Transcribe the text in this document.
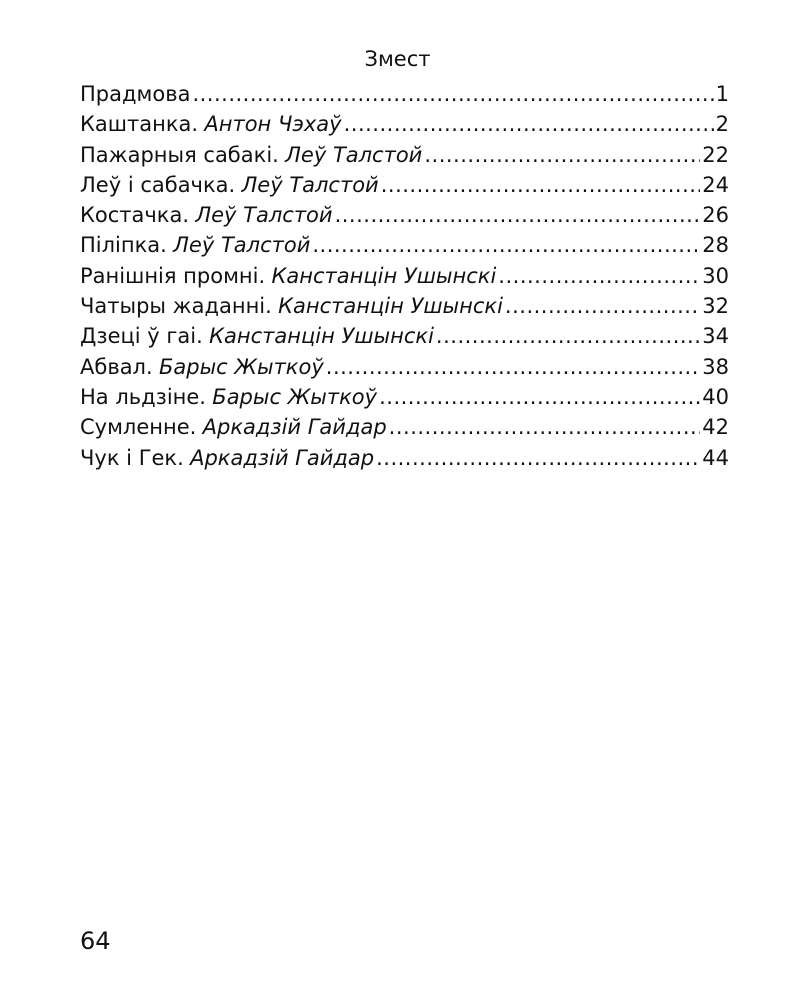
Змест
Прадмова .....	1
Каштанка. Антон Чэхаў .....	2
Пажарныя сабакі. Леў Талстой .....	22
Леў і сабачка. Леў Талстой .....	24
Костачка. Леў Талстой .....	26
Піліпка. Леў Талстой .....	28
Ранішнія промні. Канстанцін Ушынскі .....	30
Чатыры жаданні. Канстанцін Ушынскі .....	32
Дзеці ў гаі. Канстанцін Ушынскі .....	34
Абвал. Барыс Жыткоў .....	38
На льдзіне. Барыс Жыткоў .....	40
Сумленне. Аркадзій Гайдар .....	42
Чук і Гек. Аркадзій Гайдар .....	44
64
